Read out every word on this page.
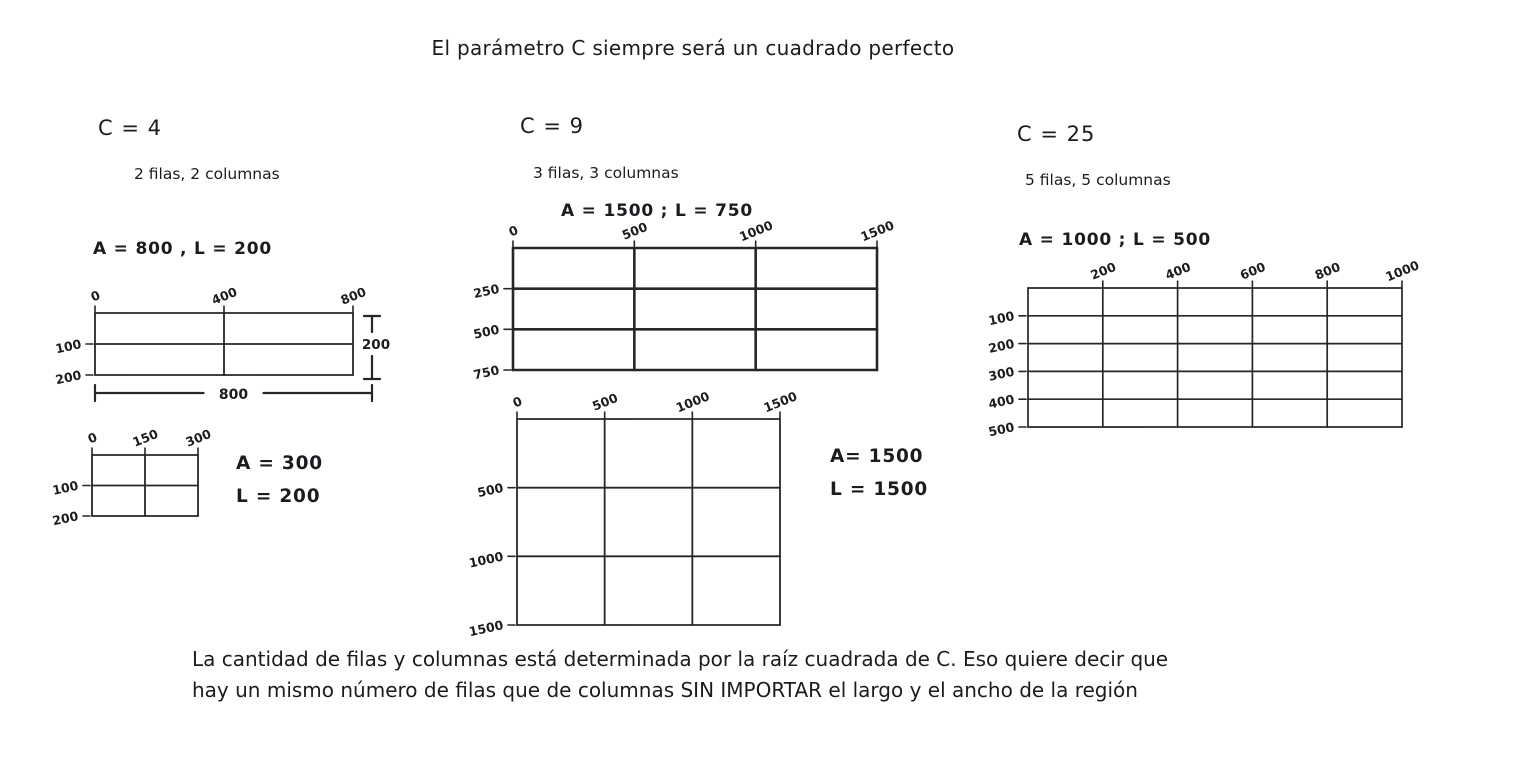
El parámetro C siempre será un cuadrado perfecto
C = 4
2 filas, 2 columnas
A = 800 , L = 200
0	400	800
100
200
200
800
0 150 300
100
200
A = 300
L = 200
C = 9
3 filas, 3 columnas
A = 1500 ; L = 750
0	500	1000	1500
250
500
750
0	500	1000	1500
500
1000
1500
A= 1500
L = 1500
C = 25
5 filas, 5 columnas
A = 1000 ; L = 500
200	400	600	800	1000
100
200
300
400
500
La cantidad de filas y columnas está determinada por la raíz cuadrada de C. Eso quiere decir que
hay un mismo número de filas que de columnas SIN IMPORTAR el largo y el ancho de la región
